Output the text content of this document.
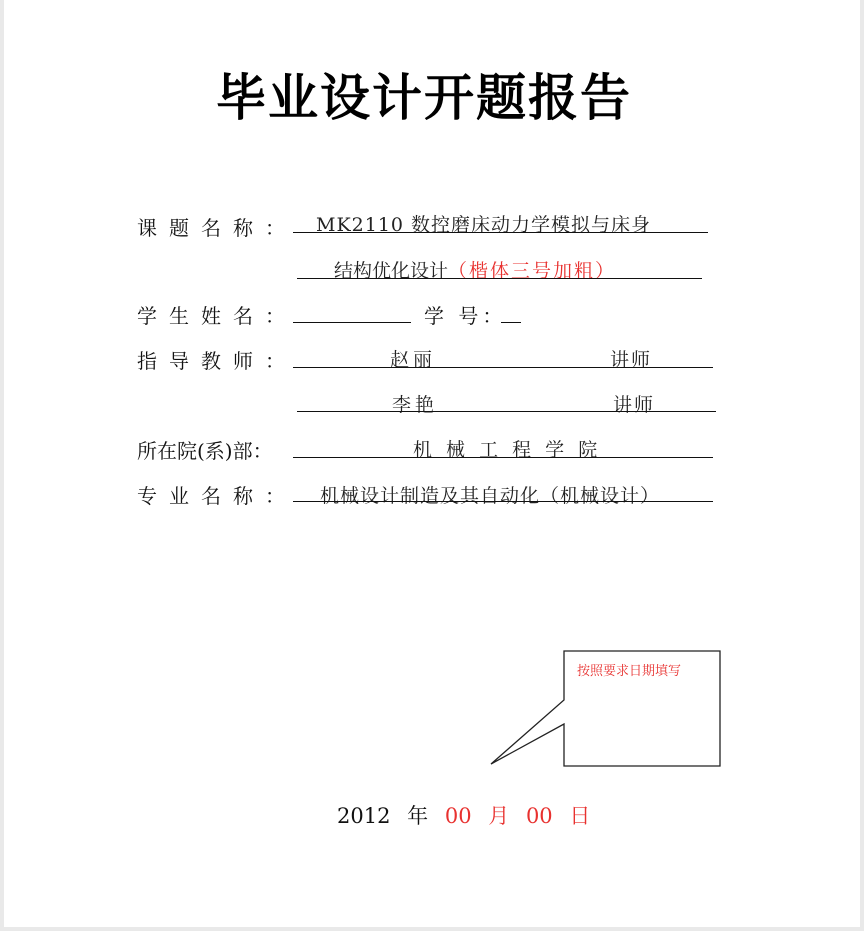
毕业设计开题报告
课题名称： MK2110 数控磨床动力学模拟与床身
结构优化设计（楷体三号加粗）
学生姓名：	学 号：
指导教师：	赵丽	讲师
李艳	讲师
所在院(系)部：	机 械 工 程 学 院
专业名称： 机械设计制造及其自动化（机械设计）
按照要求日期填写
2012 年 00 月 00 日
